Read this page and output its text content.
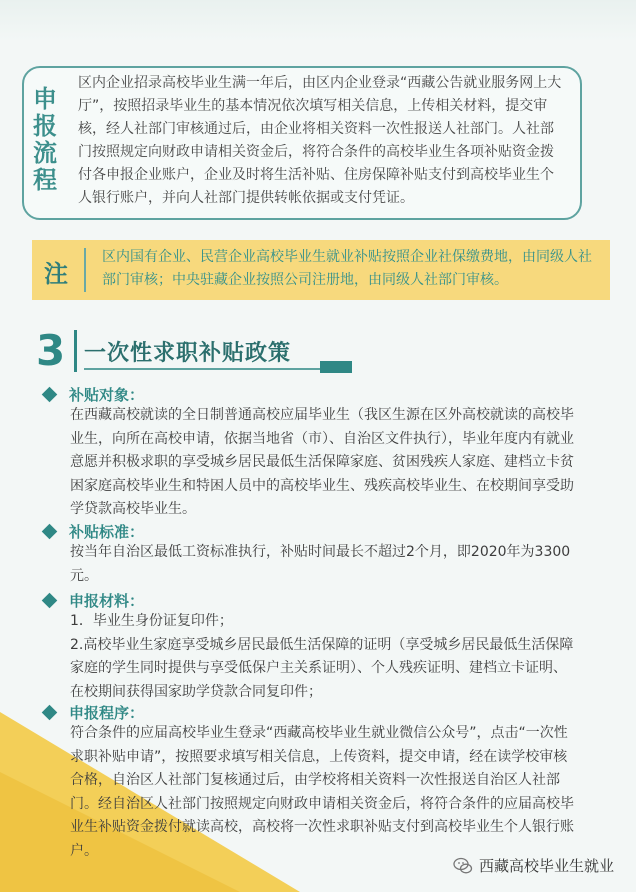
申报流程
区内企业招录高校毕业生满一年后，由区内企业登录“西藏公告就业服务网上大厅”，按照招录毕业生的基本情况依次填写相关信息，上传相关材料，提交审核，经人社部门审核通过后，由企业将相关资料一次性报送人社部门。人社部门按照规定向财政申请相关资金后，将符合条件的高校毕业生各项补贴资金拨付各申报企业账户，企业及时将生活补贴、住房保障补贴支付到高校毕业生个人银行账户，并向人社部门提供转帐依据或支付凭证。
注
区内国有企业、民营企业高校毕业生就业补贴按照企业社保缴费地，由同级人社部门审核；中央驻藏企业按照公司注册地，由同级人社部门审核。
3 一次性求职补贴政策
补贴对象：
在西藏高校就读的全日制普通高校应届毕业生（我区生源在区外高校就读的高校毕业生，向所在高校申请，依据当地省（市）、自治区文件执行），毕业年度内有就业意愿并积极求职的享受城乡居民最低生活保障家庭、贫困残疾人家庭、建档立卡贫困家庭高校毕业生和特困人员中的高校毕业生、残疾高校毕业生、在校期间享受助学贷款高校毕业生。
补贴标准：
按当年自治区最低工资标准执行，补贴时间最长不超过2个月，即2020年为3300元。
申报材料：
1．毕业生身份证复印件；
2.高校毕业生家庭享受城乡居民最低生活保障的证明（享受城乡居民最低生活保障家庭的学生同时提供与享受低保户主关系证明）、个人残疾证明、建档立卡证明、在校期间获得国家助学贷款合同复印件；
申报程序：
符合条件的应届高校毕业生登录“西藏高校毕业生就业微信公众号”，点击“一次性求职补贴申请”，按照要求填写相关信息，上传资料，提交申请，经在读学校审核合格，自治区人社部门复核通过后，由学校将相关资料一次性报送自治区人社部门。经自治区人社部门按照规定向财政申请相关资金后，将符合条件的应届高校毕业生补贴资金拨付就读高校，高校将一次性求职补贴支付到高校毕业生个人银行账户。
西藏高校毕业生就业
